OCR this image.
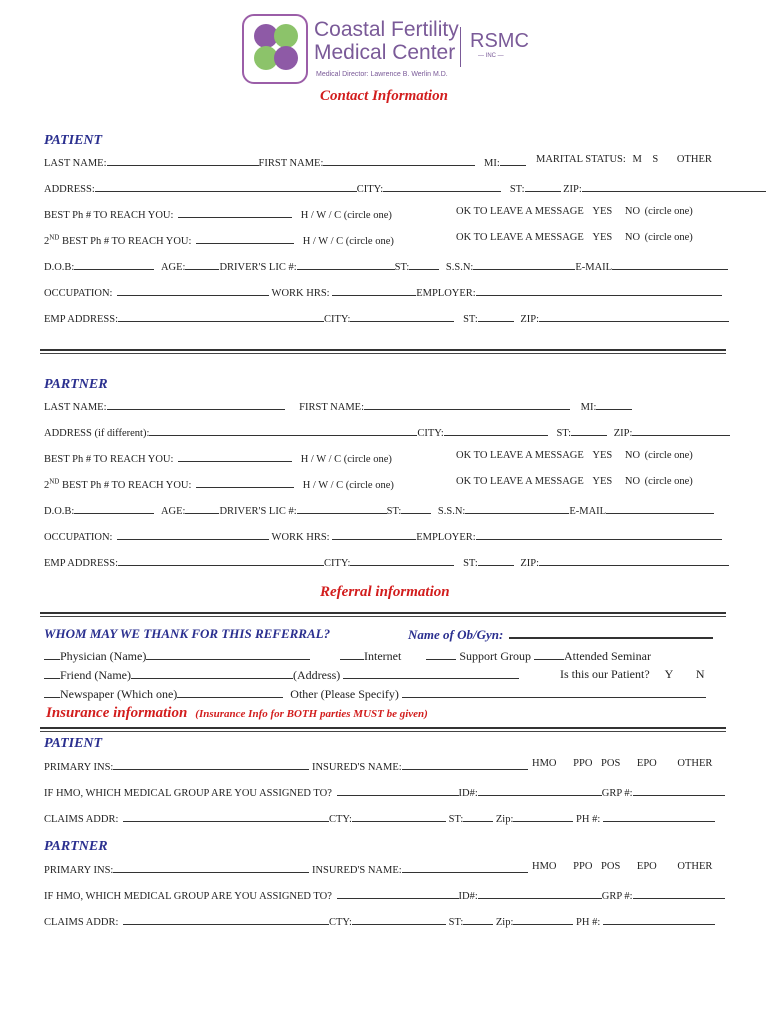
Coastal Fertility
Medical Center
Medical Director: Lawrence B. Werlin M.D.
RSMC
— INC —
Contact Information
PATIENT
LAST NAME:	FIRST NAME:	MI:	MARITAL STATUS: M S OTHER
ADDRESS:	CITY:	ST:	ZIP:
BEST Ph # TO REACH YOU:	H / W / C (circle one)	OK TO LEAVE A MESSAGE YES NO (circle one)
2ND BEST Ph # TO REACH YOU:	H / W / C (circle one)	OK TO LEAVE A MESSAGE YES NO (circle one)
D.O.B:	AGE:	DRIVER'S LIC #:	ST:	S.S.N:	E-MAIL
OCCUPATION:	WORK HRS:	EMPLOYER:
EMP ADDRESS:	CITY:	ST:	ZIP:
PARTNER
LAST NAME:	FIRST NAME:	MI:
ADDRESS (if different):	CITY:	ST:	ZIP:
BEST Ph # TO REACH YOU:	H / W / C (circle one)	OK TO LEAVE A MESSAGE YES NO (circle one)
2ND BEST Ph # TO REACH YOU:	H / W / C (circle one)	OK TO LEAVE A MESSAGE YES NO (circle one)
D.O.B:	AGE:	DRIVER'S LIC #:	ST:	S.S.N:	E-MAIL
OCCUPATION:	WORK HRS:	EMPLOYER:
EMP ADDRESS:	CITY:	ST:	ZIP:
Referral information
WHOM MAY WE THANK FOR THIS REFERRAL?	Name of Ob/Gyn:
Physician (Name)	Internet	Support Group	Attended Seminar
Friend (Name)	(Address)	Is this our Patient? Y N
Newspaper (Which one)	Other (Please Specify)
Insurance information (Insurance Info for BOTH parties MUST be given)
PATIENT
PRIMARY INS:	INSURED'S NAME:	HMO PPO POS EPO OTHER
IF HMO, WHICH MEDICAL GROUP ARE YOU ASSIGNED TO?	ID#:	GRP #:
CLAIMS ADDR:	CTY:	ST:	Zip:	PH #:
PARTNER
PRIMARY INS:	INSURED'S NAME:	HMO PPO POS EPO OTHER
IF HMO, WHICH MEDICAL GROUP ARE YOU ASSIGNED TO?	ID#:	GRP #:
CLAIMS ADDR:	CTY:	ST:	Zip:	PH #:
